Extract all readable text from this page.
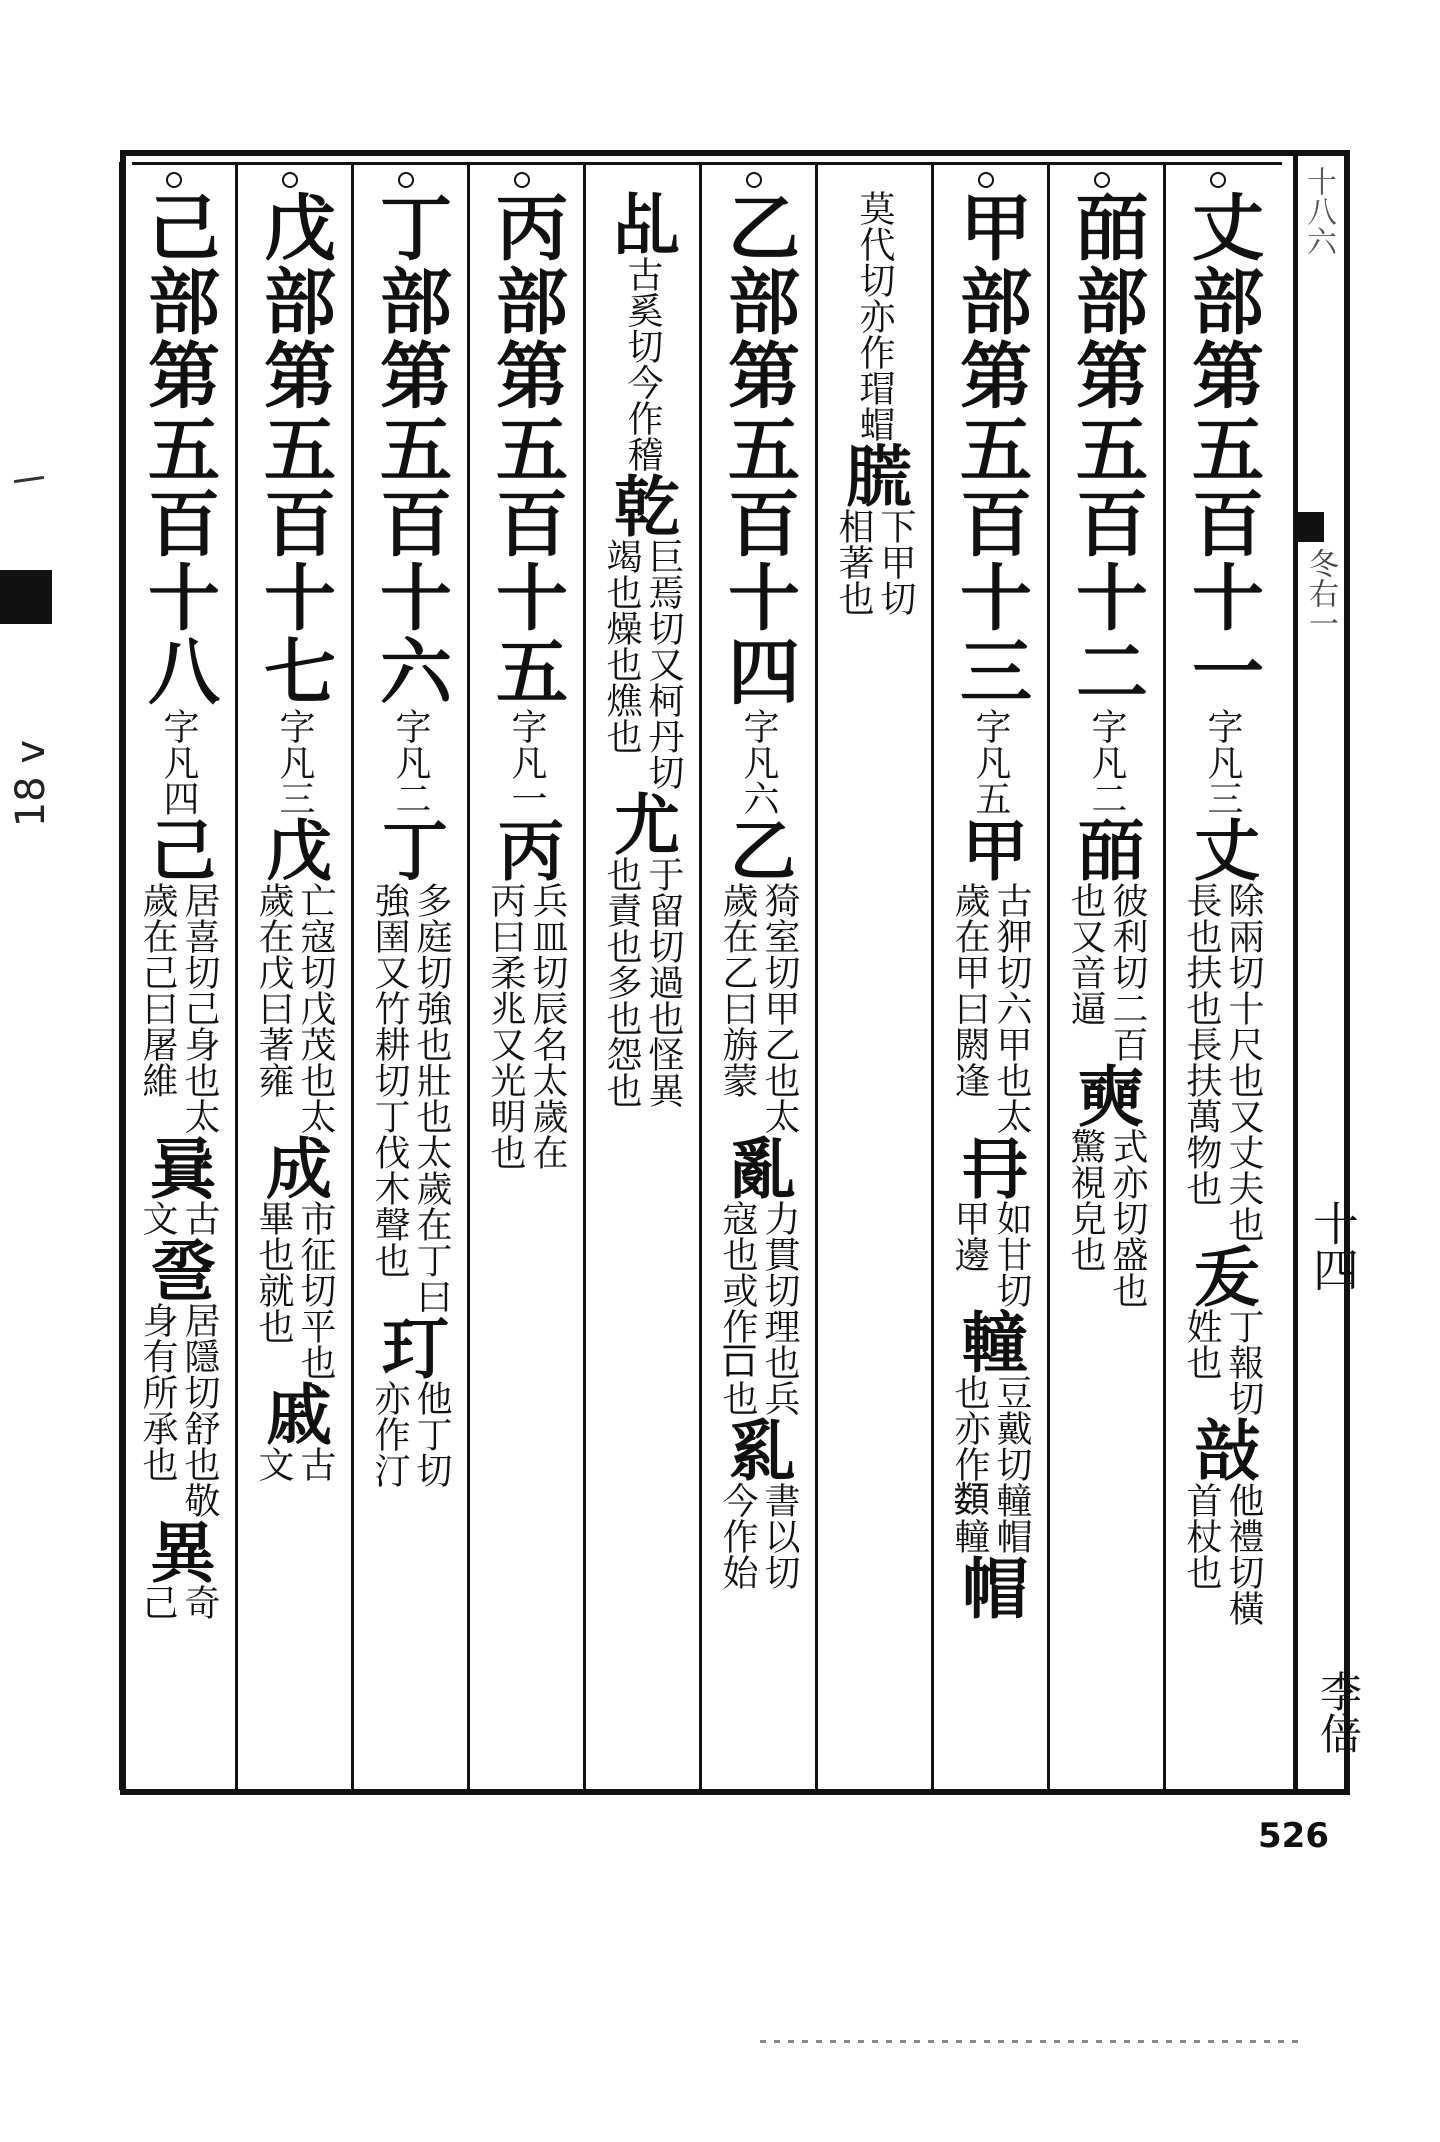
18 v
十八六
冬右一
十四
李倍
丈部第五百十一
字凡三
丈
除兩切十尺也又丈夫也
長也扶也長扶萬物也
叐
丁報切
姓也
㪗
他禮切橫
首杖也
皕部第五百十二
字凡二
皕
彼利切二百
也又音逼
奭
式亦切盛也
驚視皃也
甲部第五百十三
字凡五
甲
古狎切六甲也太
歲在甲曰閼逢
冄
如甘切
甲邊
䡴
豆戴切䡴帽
也亦作𩔗䡴
帽
莫代切亦
作瑁蝐
㬻
下甲切
相著也
乙部第五百十四
字凡六
乙
猗室切甲乙也太
歲在乙曰旃蒙
亂
力貫切理也兵
寇也或作𠮛也
乿
書以切
今作始
乩
古奚切
今作稽
乾
巨焉切又柯丹切
竭也燥也燋也
尤
于留切過也怪異
也責也多也怨也
丙部第五百十五
字凡一
丙
兵皿切辰名太歲在
丙曰柔兆又光明也
丁部第五百十六
字凡二
丁
多庭切強也壯也太歲在丁曰
強圉又竹耕切丁伐木聲也
玎
他丁切
亦作汀
戊部第五百十七
字凡三
戊
亡寇切戊茂也太
歲在戊曰著雍
成
市征切平也
畢也就也
戚
古
文
己部第五百十八
字凡四
己
居喜切己身也太
歲在己曰屠維
㠱
古
文
巹
居隱切舒也敬
身有所承也
異
奇
己
526
